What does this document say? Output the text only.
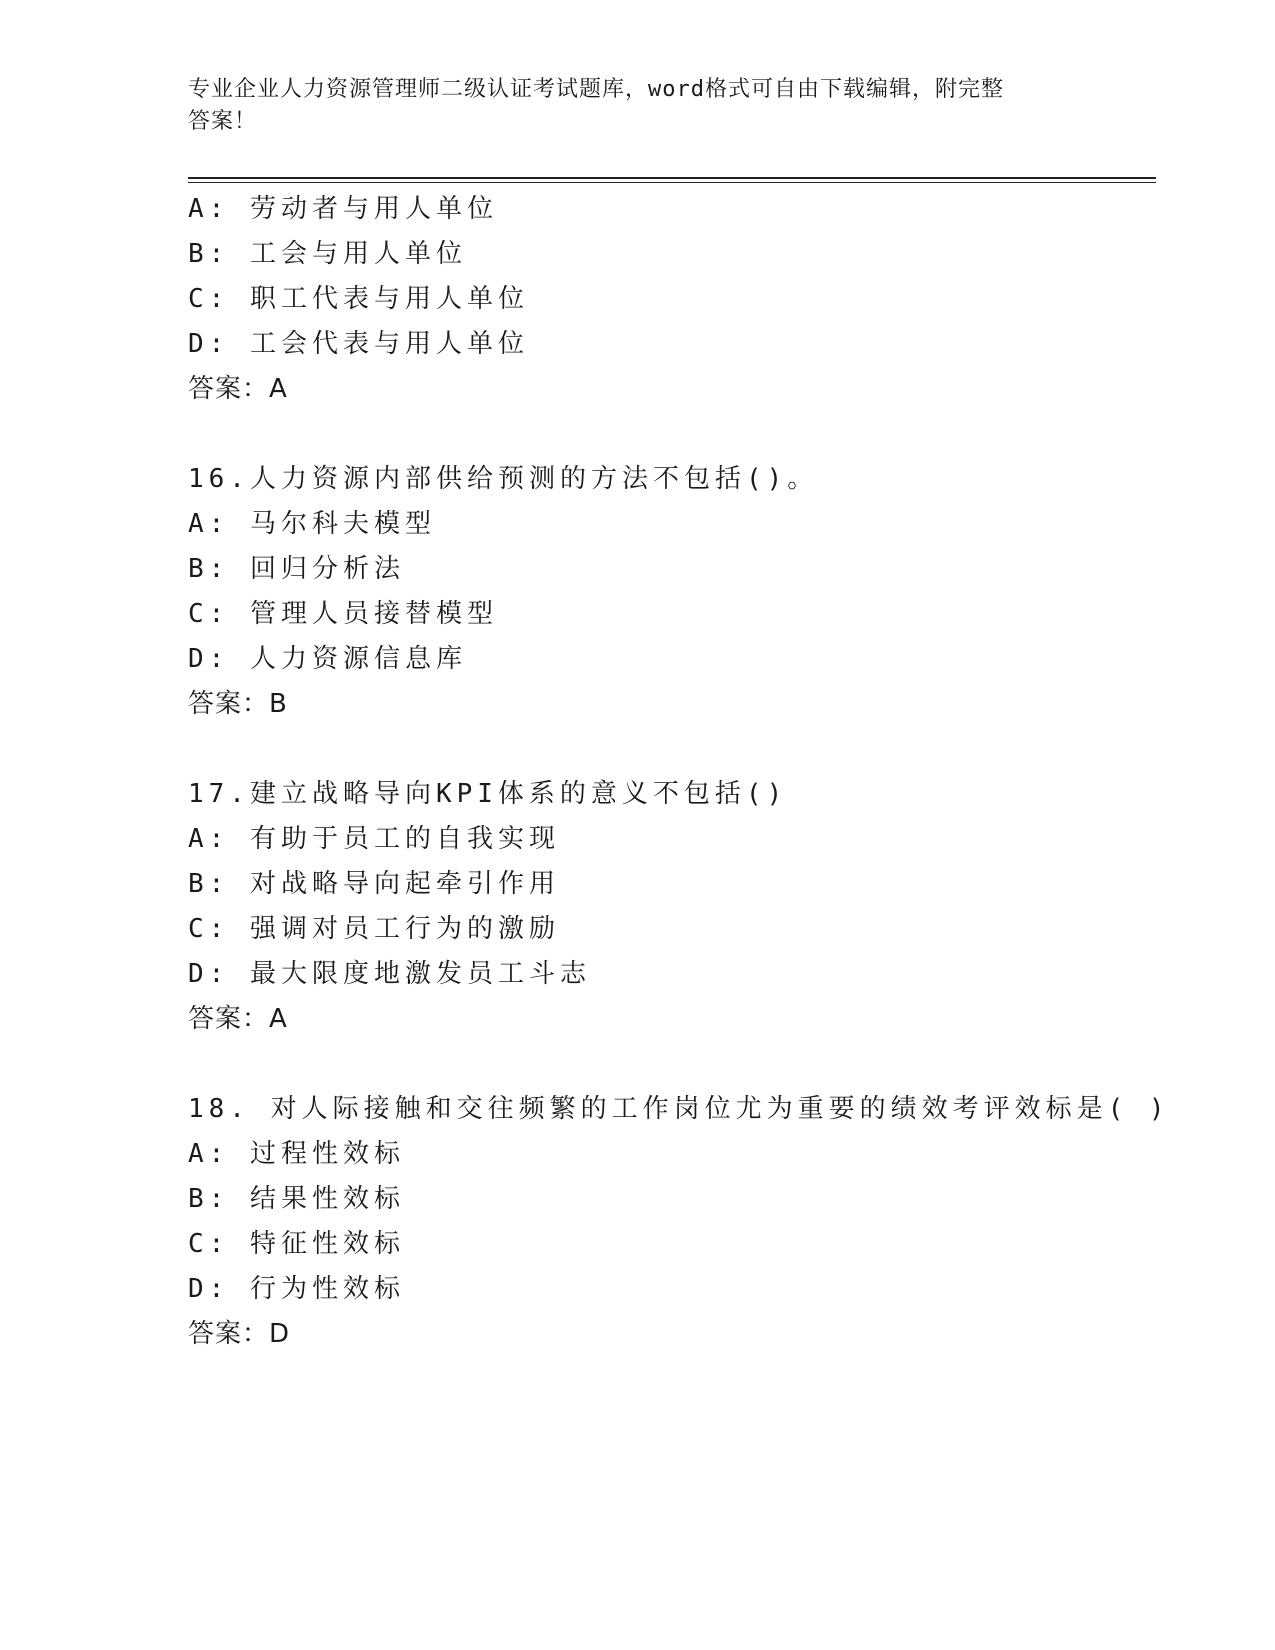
专业企业人力资源管理师二级认证考试题库，word格式可自由下载编辑，附完整
答案！
A: 劳动者与用人单位
B: 工会与用人单位
C: 职工代表与用人单位
D: 工会代表与用人单位
答案：A
16.人力资源内部供给预测的方法不包括()。
A: 马尔科夫模型
B: 回归分析法
C: 管理人员接替模型
D: 人力资源信息库
答案：B
17.建立战略导向KPI体系的意义不包括()
A: 有助于员工的自我实现
B: 对战略导向起牵引作用
C: 强调对员工行为的激励
D: 最大限度地激发员工斗志
答案：A
18. 对人际接触和交往频繁的工作岗位尤为重要的绩效考评效标是( )
A: 过程性效标
B: 结果性效标
C: 特征性效标
D: 行为性效标
答案：D
